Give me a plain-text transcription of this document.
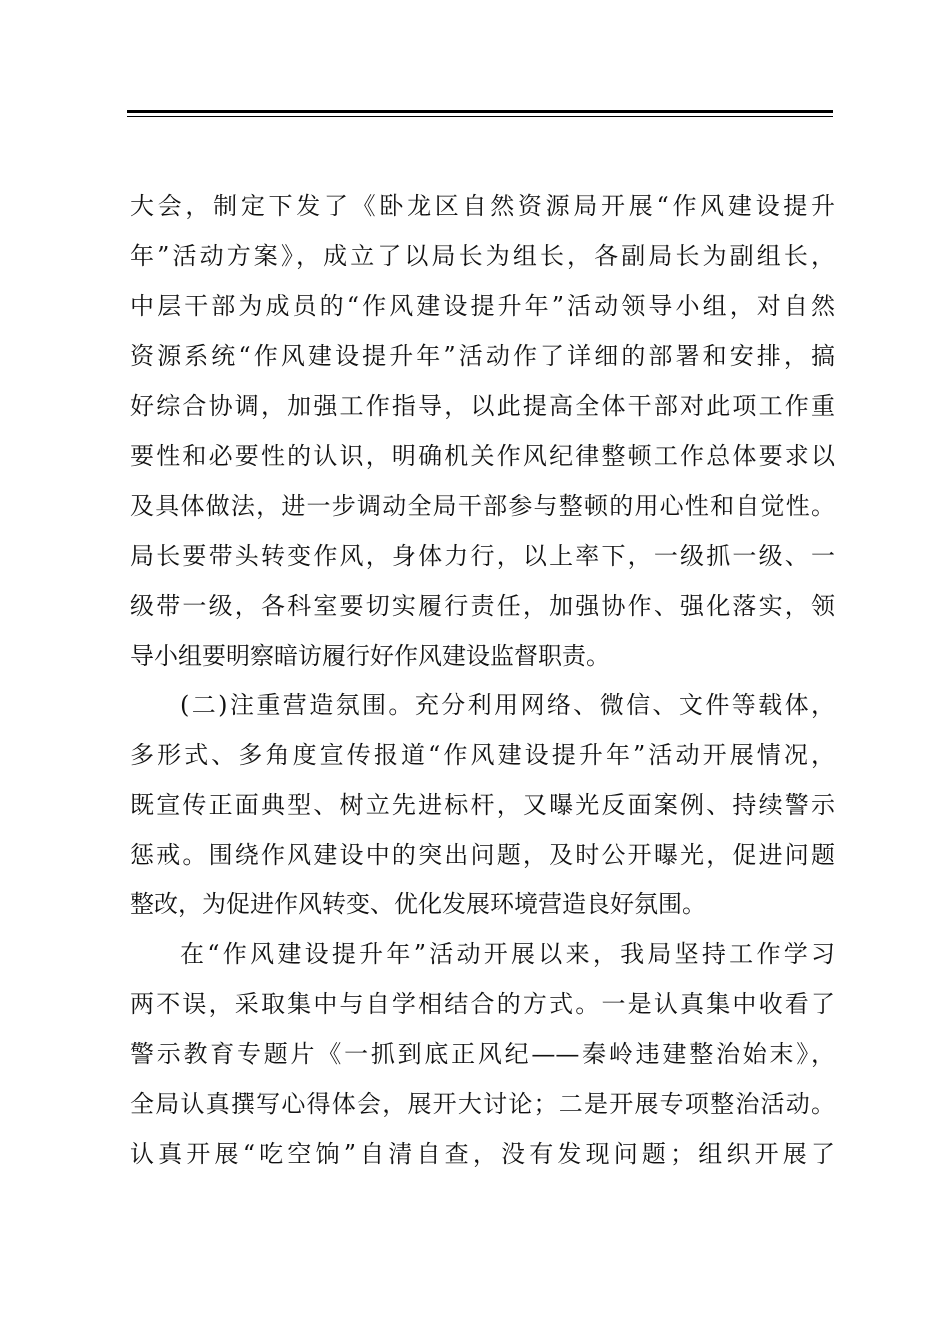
大会，制定下发了《卧龙区自然资源局开展“作风建设提升
年”活动方案》，成立了以局长为组长，各副局长为副组长，
中层干部为成员的“作风建设提升年”活动领导小组，对自然
资源系统“作风建设提升年”活动作了详细的部署和安排，搞
好综合协调，加强工作指导，以此提高全体干部对此项工作重
要性和必要性的认识，明确机关作风纪律整顿工作总体要求以
及具体做法，进一步调动全局干部参与整顿的用心性和自觉性。
局长要带头转变作风，身体力行，以上率下，一级抓一级、一
级带一级，各科室要切实履行责任，加强协作、强化落实，领
导小组要明察暗访履行好作风建设监督职责。
(二)注重营造氛围。充分利用网络、微信、文件等载体，
多形式、多角度宣传报道“作风建设提升年”活动开展情况，
既宣传正面典型、树立先进标杆，又曝光反面案例、持续警示
惩戒。围绕作风建设中的突出问题，及时公开曝光，促进问题
整改，为促进作风转变、优化发展环境营造良好氛围。
在“作风建设提升年”活动开展以来，我局坚持工作学习
两不误，采取集中与自学相结合的方式。一是认真集中收看了
警示教育专题片《一抓到底正风纪——秦岭违建整治始末》，
全局认真撰写心得体会，展开大讨论；二是开展专项整治活动。
认真开展“吃空饷”自清自查，没有发现问题；组织开展了
